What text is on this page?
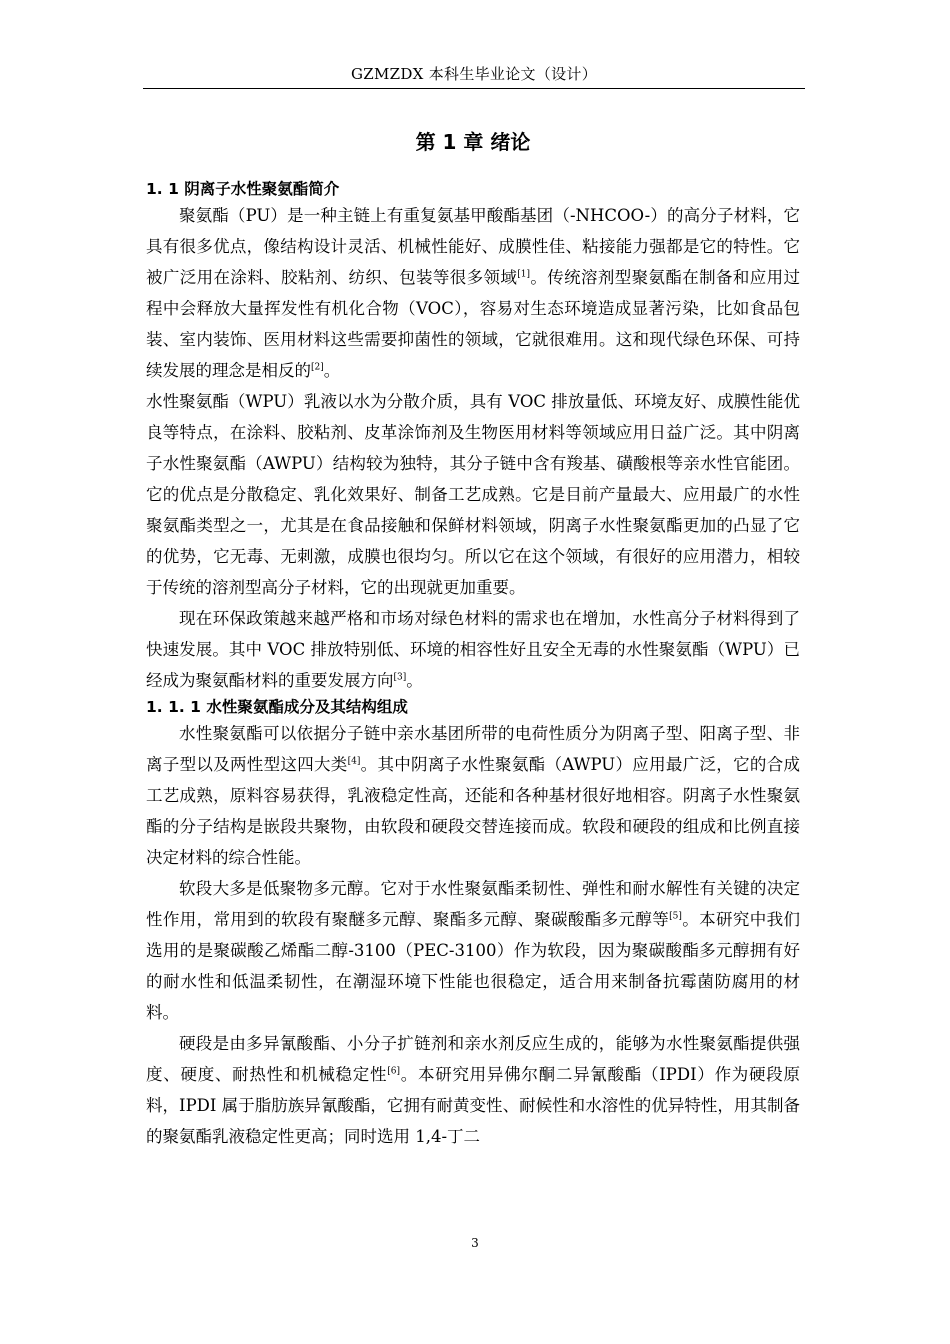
GZMZDX 本科生毕业论文（设计）
第 1 章 绪论
1. 1 阴离子水性聚氨酯简介

聚氨酯（PU）是一种主链上有重复氨基甲酸酯基团（-NHCOO-）的高分子材料，它具有很多优点，像结构设计灵活、机械性能好、成膜性佳、粘接能力强都是它的特性。它被广泛用在涂料、胶粘剂、纺织、包装等很多领域[1]。传统溶剂型聚氨酯在制备和应用过程中会释放大量挥发性有机化合物（VOC），容易对生态环境造成显著污染，比如食品包装、室内装饰、医用材料这些需要抑菌性的领域，它就很难用。这和现代绿色环保、可持续发展的理念是相反的[2]。

水性聚氨酯（WPU）乳液以水为分散介质，具有 VOC 排放量低、环境友好、成膜性能优良等特点，在涂料、胶粘剂、皮革涂饰剂及生物医用材料等领域应用日益广泛。其中阴离子水性聚氨酯（AWPU）结构较为独特，其分子链中含有羧基、磺酸根等亲水性官能团。它的优点是分散稳定、乳化效果好、制备工艺成熟。它是目前产量最大、应用最广的水性聚氨酯类型之一，尤其是在食品接触和保鲜材料领域，阴离子水性聚氨酯更加的凸显了它的优势，它无毒、无刺激，成膜也很均匀。所以它在这个领域，有很好的应用潜力，相较于传统的溶剂型高分子材料，它的出现就更加重要。

现在环保政策越来越严格和市场对绿色材料的需求也在增加，水性高分子材料得到了快速发展。其中 VOC 排放特别低、环境的相容性好且安全无毒的水性聚氨酯（WPU）已经成为聚氨酯材料的重要发展方向[3]。

1. 1. 1 水性聚氨酯成分及其结构组成

水性聚氨酯可以依据分子链中亲水基团所带的电荷性质分为阴离子型、阳离子型、非离子型以及两性型这四大类[4]。其中阴离子水性聚氨酯（AWPU）应用最广泛，它的合成工艺成熟，原料容易获得，乳液稳定性高，还能和各种基材很好地相容。阴离子水性聚氨酯的分子结构是嵌段共聚物，由软段和硬段交替连接而成。软段和硬段的组成和比例直接决定材料的综合性能。

软段大多是低聚物多元醇。它对于水性聚氨酯柔韧性、弹性和耐水解性有关键的决定性作用，常用到的软段有聚醚多元醇、聚酯多元醇、聚碳酸酯多元醇等[5]。本研究中我们选用的是聚碳酸乙烯酯二醇-3100（PEC-3100）作为软段，因为聚碳酸酯多元醇拥有好的耐水性和低温柔韧性，在潮湿环境下性能也很稳定，适合用来制备抗霉菌防腐用的材料。

硬段是由多异氰酸酯、小分子扩链剂和亲水剂反应生成的，能够为水性聚氨酯提供强度、硬度、耐热性和机械稳定性[6]。本研究用异佛尔酮二异氰酸酯（IPDI）作为硬段原料，IPDI 属于脂肪族异氰酸酯，它拥有耐黄变性、耐候性和水溶性的优异特性，用其制备的聚氨酯乳液稳定性更高；同时选用 1,4-丁二

3
